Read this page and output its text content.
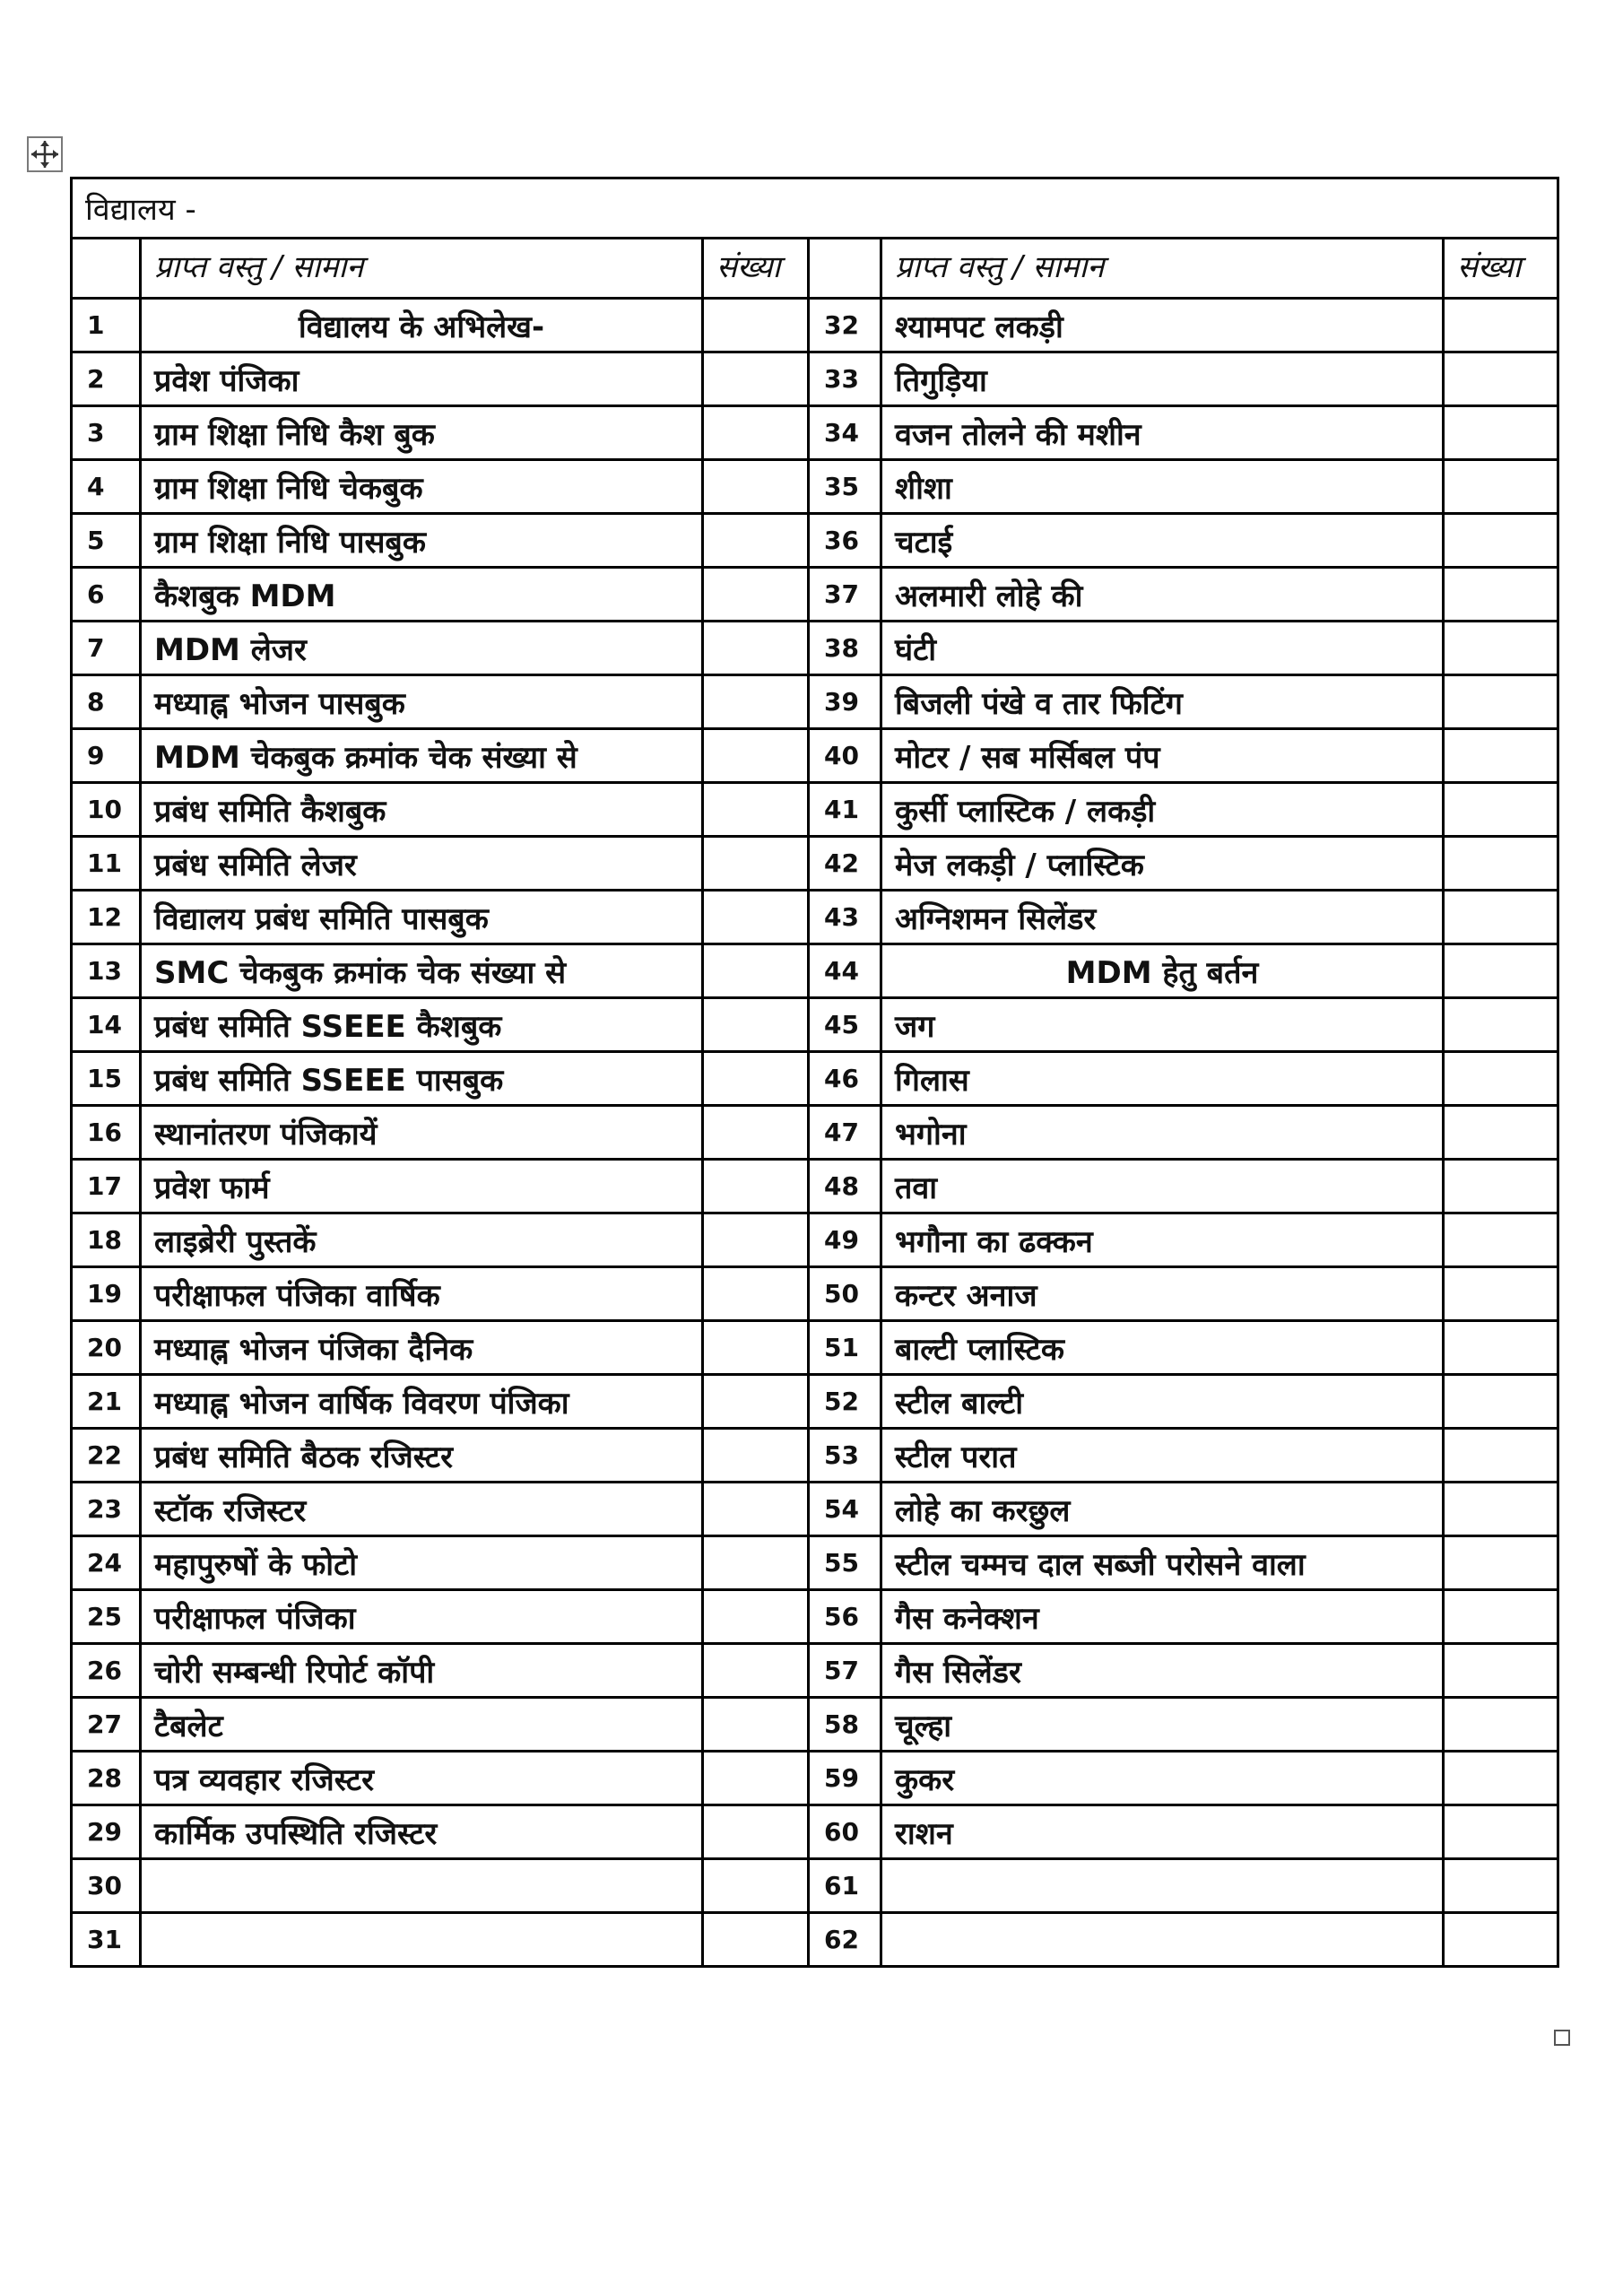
विद्यालय -					
	प्राप्त वस्तु / सामान	संख्या		प्राप्त वस्तु / सामान	संख्या
1	विद्यालय के अभिलेख-		32	श्यामपट लकड़ी	
2	प्रवेश पंजिका		33	तिगुड़िया	
3	ग्राम शिक्षा निधि कैश बुक		34	वजन तोलने की मशीन	
4	ग्राम शिक्षा निधि चेकबुक		35	शीशा	
5	ग्राम शिक्षा निधि पासबुक		36	चटाई	
6	कैशबुक MDM		37	अलमारी लोहे की	
7	MDM लेजर		38	घंटी	
8	मध्याह्न भोजन पासबुक		39	बिजली पंखे व तार फिटिंग	
9	MDM चेकबुक क्रमांक चेक संख्या से		40	मोटर / सब मर्सिबल पंप	
10	प्रबंध समिति कैशबुक		41	कुर्सी प्लास्टिक / लकड़ी	
11	प्रबंध समिति लेजर		42	मेज लकड़ी / प्लास्टिक	
12	विद्यालय प्रबंध समिति पासबुक		43	अग्निशमन सिलेंडर	
13	SMC चेकबुक क्रमांक चेक संख्या से		44	MDM हेतु बर्तन	
14	प्रबंध समिति SSEEE कैशबुक		45	जग	
15	प्रबंध समिति SSEEE पासबुक		46	गिलास	
16	स्थानांतरण पंजिकायें		47	भगोना	
17	प्रवेश फार्म		48	तवा	
18	लाइब्रेरी पुस्तकें		49	भगौना का ढक्कन	
19	परीक्षाफल पंजिका वार्षिक		50	कन्टर अनाज	
20	मध्याह्न भोजन पंजिका दैनिक		51	बाल्टी प्लास्टिक	
21	मध्याह्न भोजन वार्षिक विवरण पंजिका		52	स्टील बाल्टी	
22	प्रबंध समिति बैठक रजिस्टर		53	स्टील परात	
23	स्टॉक रजिस्टर		54	लोहे का करछुल	
24	महापुरुषों के फोटो		55	स्टील चम्मच दाल सब्जी परोसने वाला	
25	परीक्षाफल पंजिका		56	गैस कनेक्शन	
26	चोरी सम्बन्धी रिपोर्ट कॉपी		57	गैस सिलेंडर	
27	टैबलेट		58	चूल्हा	
28	पत्र व्यवहार रजिस्टर		59	कुकर	
29	कार्मिक उपस्थिति रजिस्टर		60	राशन	
30			61		
31			62		
